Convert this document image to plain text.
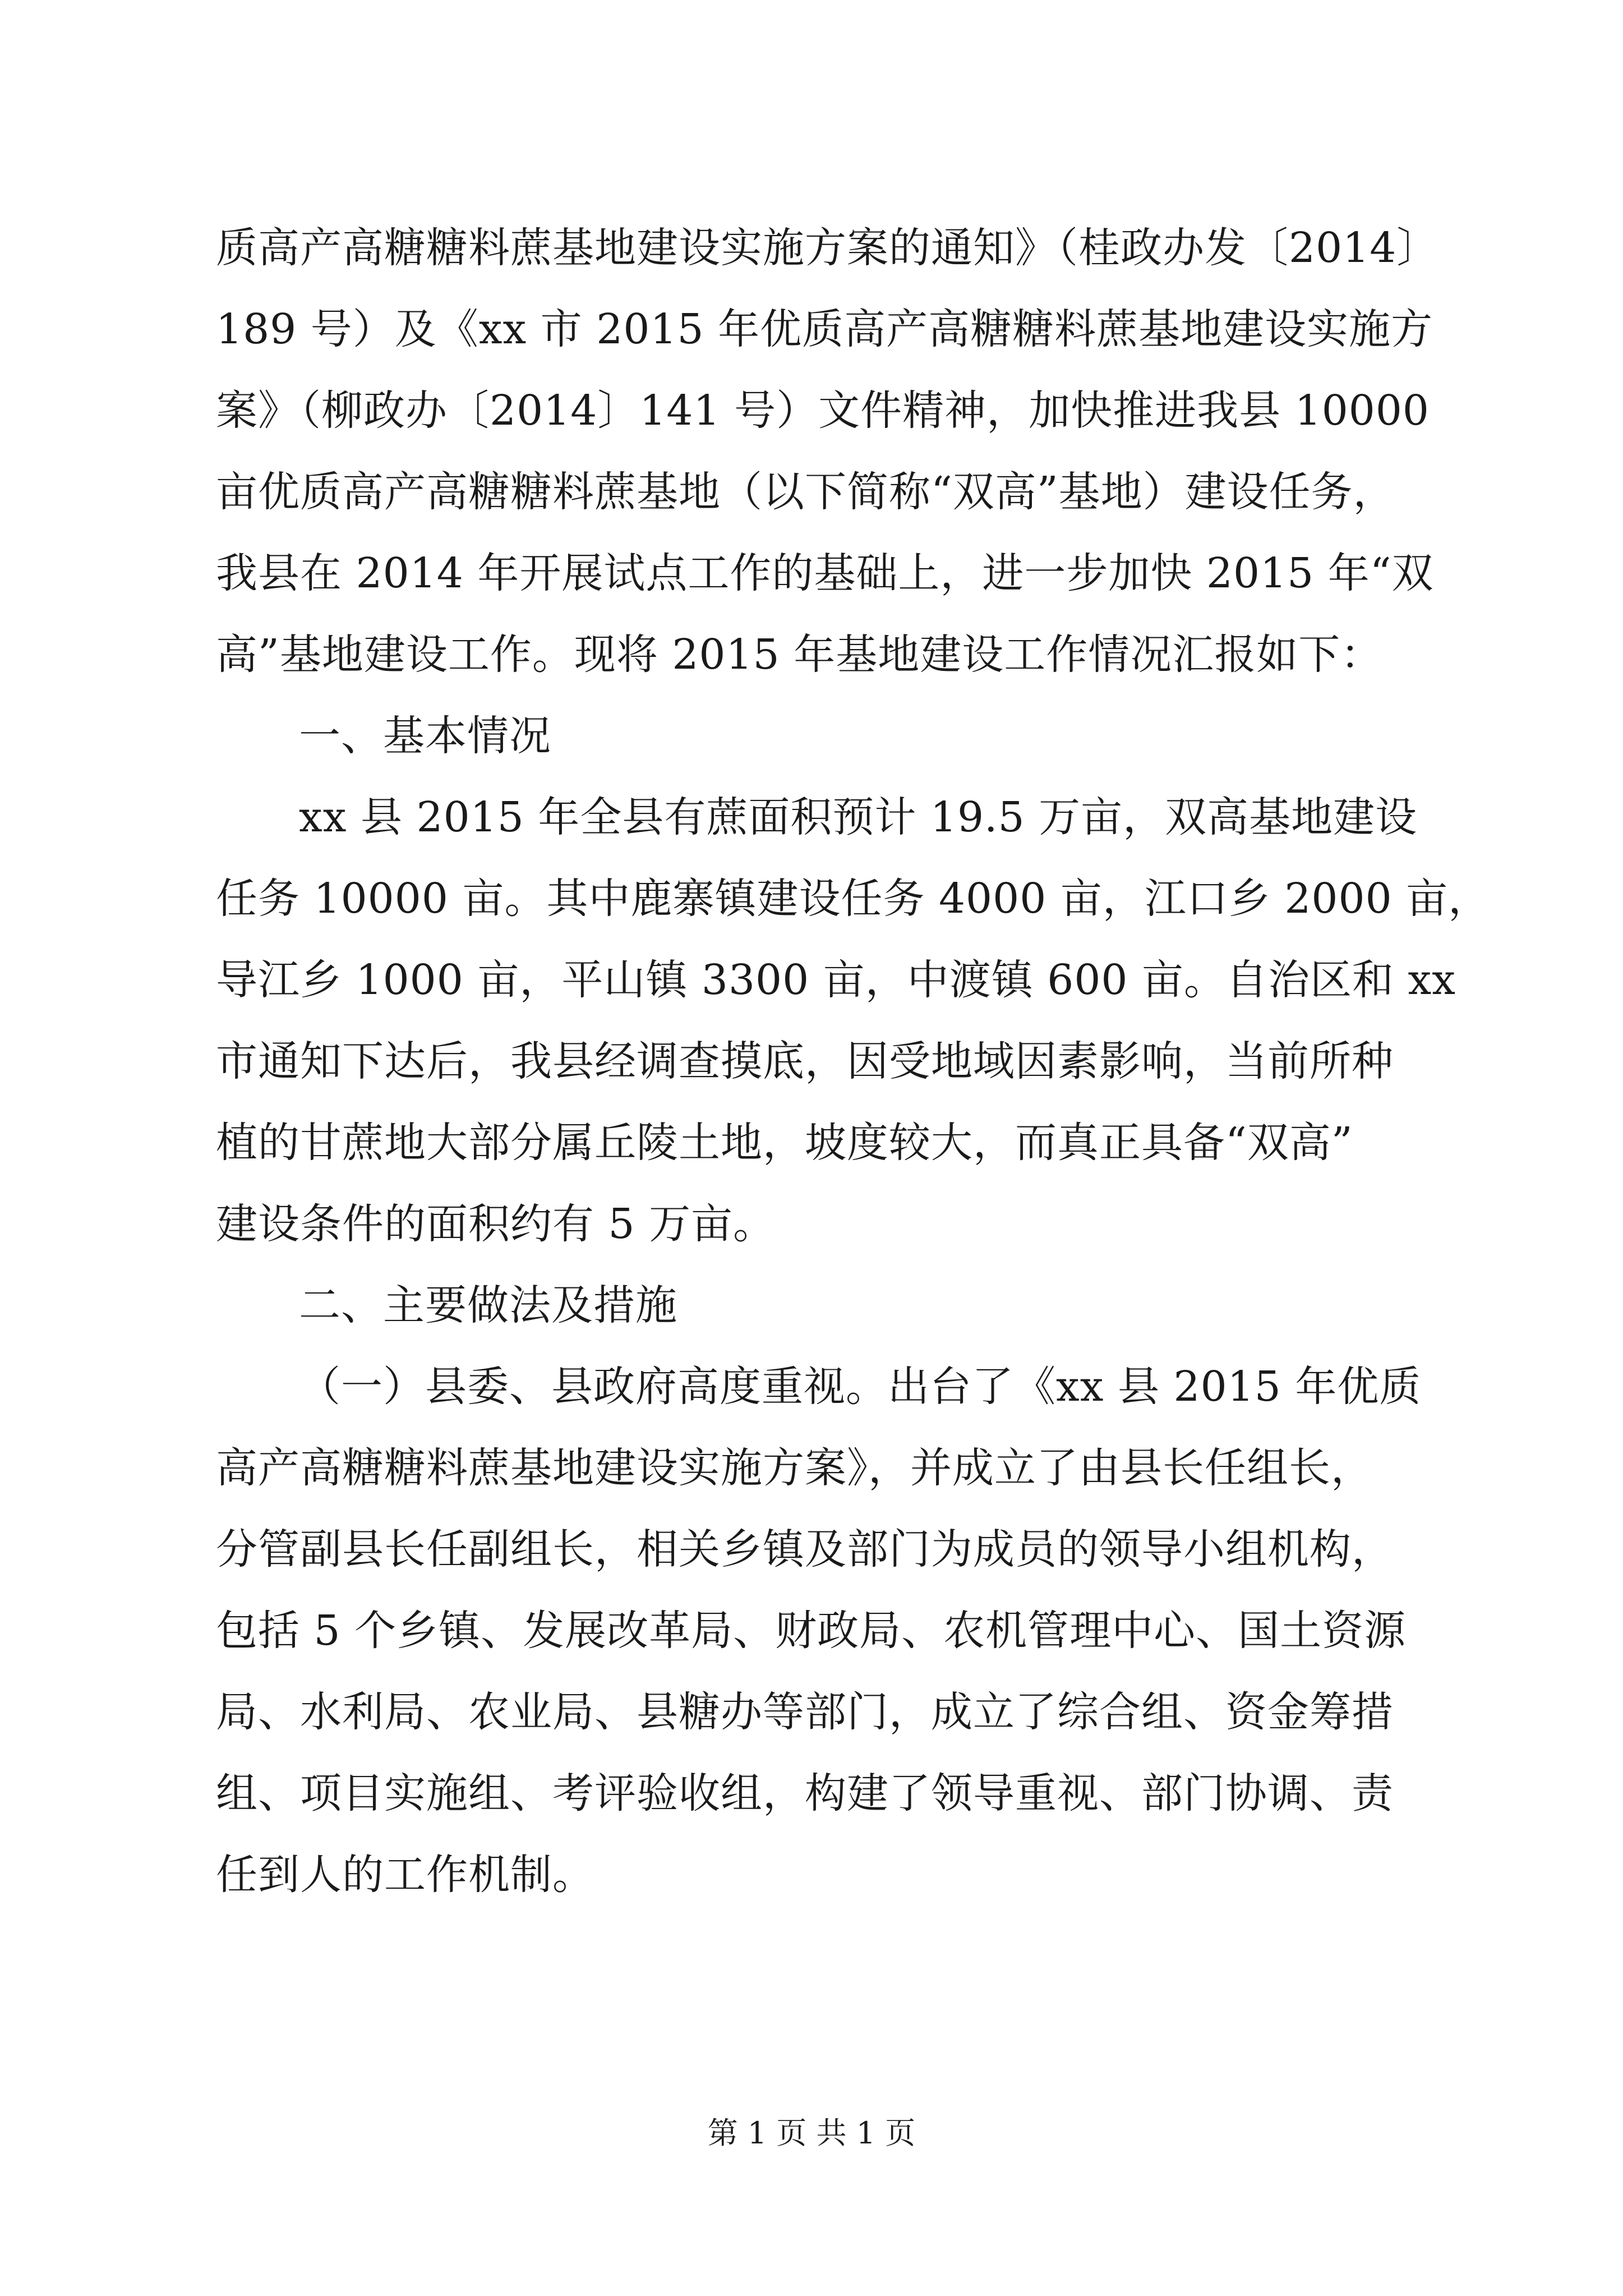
质高产高糖糖料蔗基地建设实施方案的通知》（桂政办发〔2014〕
189 号）及《xx 市 2015 年优质高产高糖糖料蔗基地建设实施方
案》（柳政办〔2014〕141 号）文件精神，加快推进我县 10000
亩优质高产高糖糖料蔗基地（以下简称“双高”基地）建设任务，
我县在 2014 年开展试点工作的基础上，进一步加快 2015 年“双
高”基地建设工作。现将 2015 年基地建设工作情况汇报如下：
一、基本情况
xx 县 2015 年全县有蔗面积预计 19.5 万亩，双高基地建设
任务 10000 亩。其中鹿寨镇建设任务 4000 亩，江口乡 2000 亩，
导江乡 1000 亩，平山镇 3300 亩，中渡镇 600 亩。自治区和 xx
市通知下达后，我县经调查摸底，因受地域因素影响，当前所种
植的甘蔗地大部分属丘陵土地，坡度较大，而真正具备“双高”
建设条件的面积约有 5 万亩。
二、主要做法及措施
（一）县委、县政府高度重视。出台了《xx 县 2015 年优质
高产高糖糖料蔗基地建设实施方案》，并成立了由县长任组长，
分管副县长任副组长，相关乡镇及部门为成员的领导小组机构，
包括 5 个乡镇、发展改革局、财政局、农机管理中心、国土资源
局、水利局、农业局、县糖办等部门，成立了综合组、资金筹措
组、项目实施组、考评验收组，构建了领导重视、部门协调、责
任到人的工作机制。
第 1 页 共 1 页
